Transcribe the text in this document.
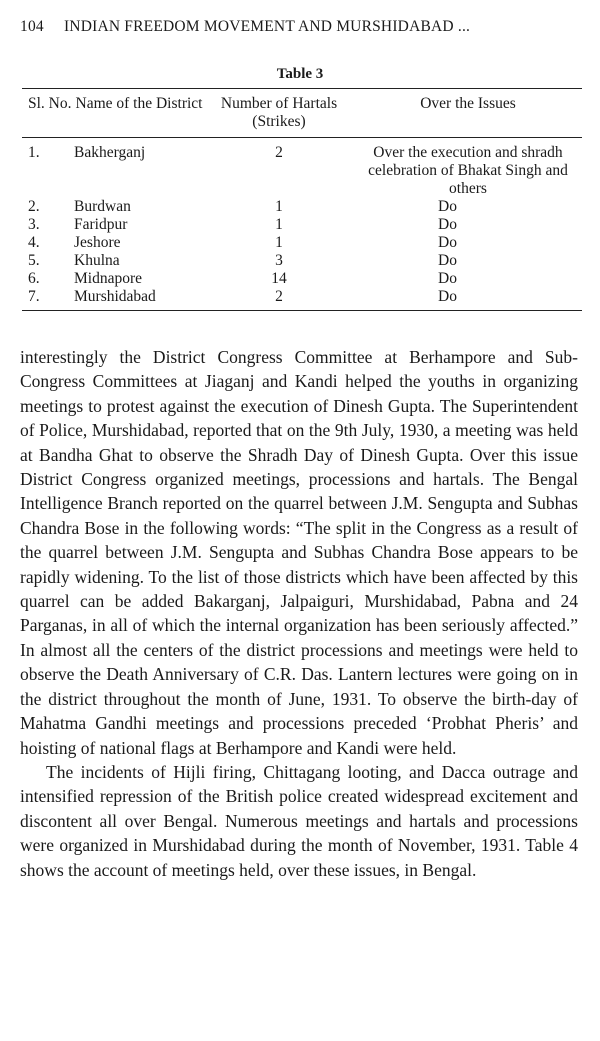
104 INDIAN FREEDOM MOVEMENT AND MURSHIDABAD ...
Table 3
Sl. No.	Name of the District	Number of Hartals (Strikes)	Over the Issues
1.	Bakherganj	2	Over the execution and shradh celebration of Bhakat Singh and others
2.	Burdwan	1	Do
3.	Faridpur	1	Do
4.	Jeshore	1	Do
5.	Khulna	3	Do
6.	Midnapore	14	Do
7.	Murshidabad	2	Do

interestingly the District Congress Committee at Berhampore and Sub-Congress Committees at Jiaganj and Kandi helped the youths in organizing meetings to protest against the execution of Dinesh Gupta. The Superintendent of Police, Murshidabad, reported that on the 9th July, 1930, a meeting was held at Bandha Ghat to observe the Shradh Day of Dinesh Gupta. Over this issue District Congress organized meetings, processions and hartals. The Bengal Intelligence Branch reported on the quarrel between J.M. Sengupta and Subhas Chandra Bose in the following words: “The split in the Congress as a result of the quarrel between J.M. Sengupta and Subhas Chandra Bose appears to be rapidly widening. To the list of those districts which have been affected by this quarrel can be added Bakarganj, Jalpaiguri, Murshidabad, Pabna and 24 Parganas, in all of which the internal organization has been seriously affected.” In almost all the centers of the district processions and meetings were held to observe the Death Anniversary of C.R. Das. Lantern lectures were going on in the district throughout the month of June, 1931. To observe the birth-day of Mahatma Gandhi meetings and processions preceded ‘Probhat Pheris’ and hoisting of national flags at Berhampore and Kandi were held.

The incidents of Hijli firing, Chittagang looting, and Dacca outrage and intensified repression of the British police created widespread excitement and discontent all over Bengal. Numerous meetings and hartals and processions were organized in Murshidabad during the month of November, 1931. Table 4 shows the account of meetings held, over these issues, in Bengal.
